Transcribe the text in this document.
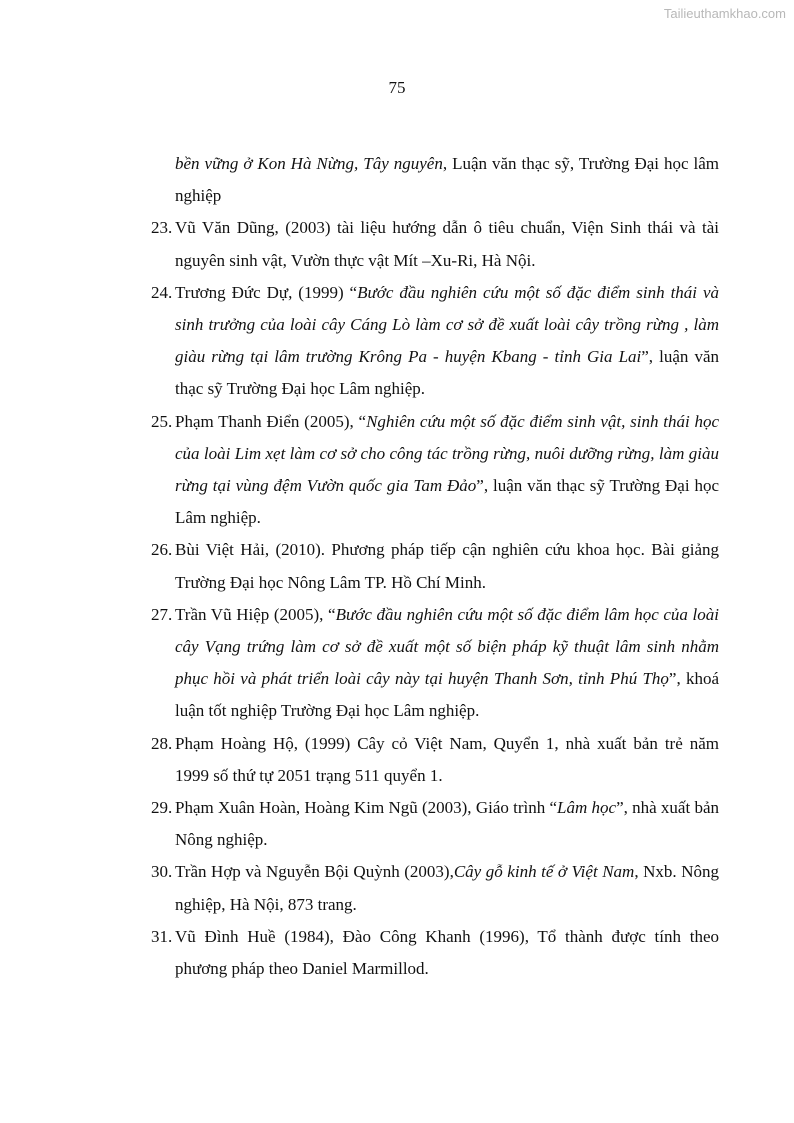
Tailieuthamkhao.com
75
bền vững ở Kon Hà Nừng, Tây nguyên, Luận văn thạc sỹ, Trường Đại học lâm nghiệp
23. Vũ Văn Dũng, (2003) tài liệu hướng dẫn ô tiêu chuẩn, Viện Sinh thái và tài nguyên sinh vật, Vườn thực vật Mít –Xu-Ri, Hà Nội.
24. Trương Đức Dự, (1999) “Bước đầu nghiên cứu một số đặc điểm sinh thái và sinh trưởng của loài cây Cáng Lò làm cơ sở đề xuất loài cây trồng rừng , làm giàu rừng tại lâm trường Krông Pa - huyện Kbang - tỉnh Gia Lai”, luận văn thạc sỹ Trường Đại học Lâm nghiệp.
25. Phạm Thanh Điển (2005), “Nghiên cứu một số đặc điểm sinh vật, sinh thái học của loài Lim xẹt làm cơ sở cho công tác trồng rừng, nuôi dưỡng rừng, làm giàu rừng tại vùng đệm Vườn quốc gia Tam Đảo”, luận văn thạc sỹ Trường Đại học Lâm nghiệp.
26. Bùi Việt Hải, (2010). Phương pháp tiếp cận nghiên cứu khoa học. Bài giảng Trường Đại học Nông Lâm TP. Hồ Chí Minh.
27. Trần Vũ Hiệp (2005), “Bước đầu nghiên cứu một số đặc điểm lâm học của loài cây Vạng trứng làm cơ sở đề xuất một số biện pháp kỹ thuật lâm sinh nhằm phục hồi và phát triển loài cây này tại huyện Thanh Sơn, tỉnh Phú Thọ”, khoá luận tốt nghiệp Trường Đại học Lâm nghiệp.
28. Phạm Hoàng Hộ, (1999) Cây cỏ Việt Nam, Quyển 1, nhà xuất bản trẻ năm 1999 số thứ tự 2051 trạng 511 quyển 1.
29. Phạm Xuân Hoàn, Hoàng Kim Ngũ (2003), Giáo trình “Lâm học”, nhà xuất bản Nông nghiệp.
30. Trần Hợp và Nguyễn Bội Quỳnh (2003),Cây gỗ kinh tế ở Việt Nam, Nxb. Nông nghiệp, Hà Nội, 873 trang.
31. Vũ Đình Huề (1984), Đào Công Khanh (1996), Tổ thành được tính theo phương pháp theo Daniel Marmillod.
